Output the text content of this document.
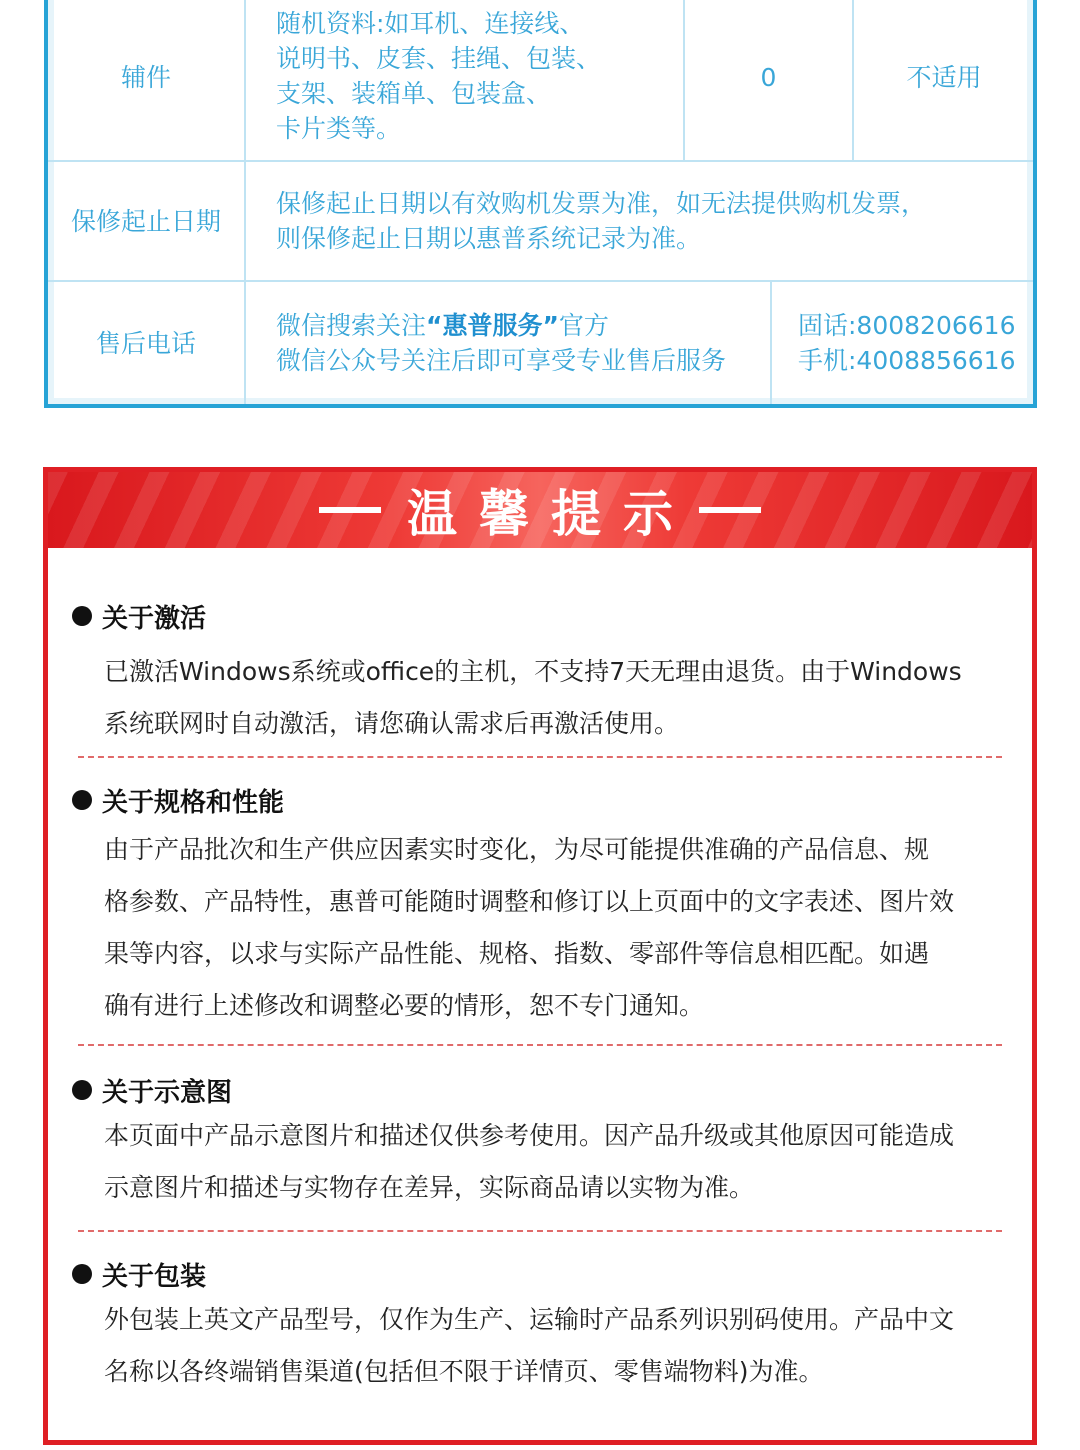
辅件
随机资料:如耳机、连接线、
说明书、皮套、挂绳、包装、
支架、装箱单、包装盒、
卡片类等。
0	不适用
保修起止日期
保修起止日期以有效购机发票为准，如无法提供购机发票，
则保修起止日期以惠普系统记录为准。
售后电话
微信搜索关注“惠普服务”官方
微信公众号关注后即可享受专业售后服务
固话:8008206616
手机:4008856616
温馨提示
关于激活
已激活Windows系统或office的主机，不支持7天无理由退货。由于Windows
系统联网时自动激活，请您确认需求后再激活使用。
关于规格和性能
由于产品批次和生产供应因素实时变化，为尽可能提供准确的产品信息、规
格参数、产品特性，惠普可能随时调整和修订以上页面中的文字表述、图片效
果等内容，以求与实际产品性能、规格、指数、零部件等信息相匹配。如遇
确有进行上述修改和调整必要的情形，恕不专门通知。
关于示意图
本页面中产品示意图片和描述仅供参考使用。因产品升级或其他原因可能造成
示意图片和描述与实物存在差异，实际商品请以实物为准。
关于包装
外包装上英文产品型号，仅作为生产、运输时产品系列识别码使用。产品中文
名称以各终端销售渠道(包括但不限于详情页、零售端物料)为准。
